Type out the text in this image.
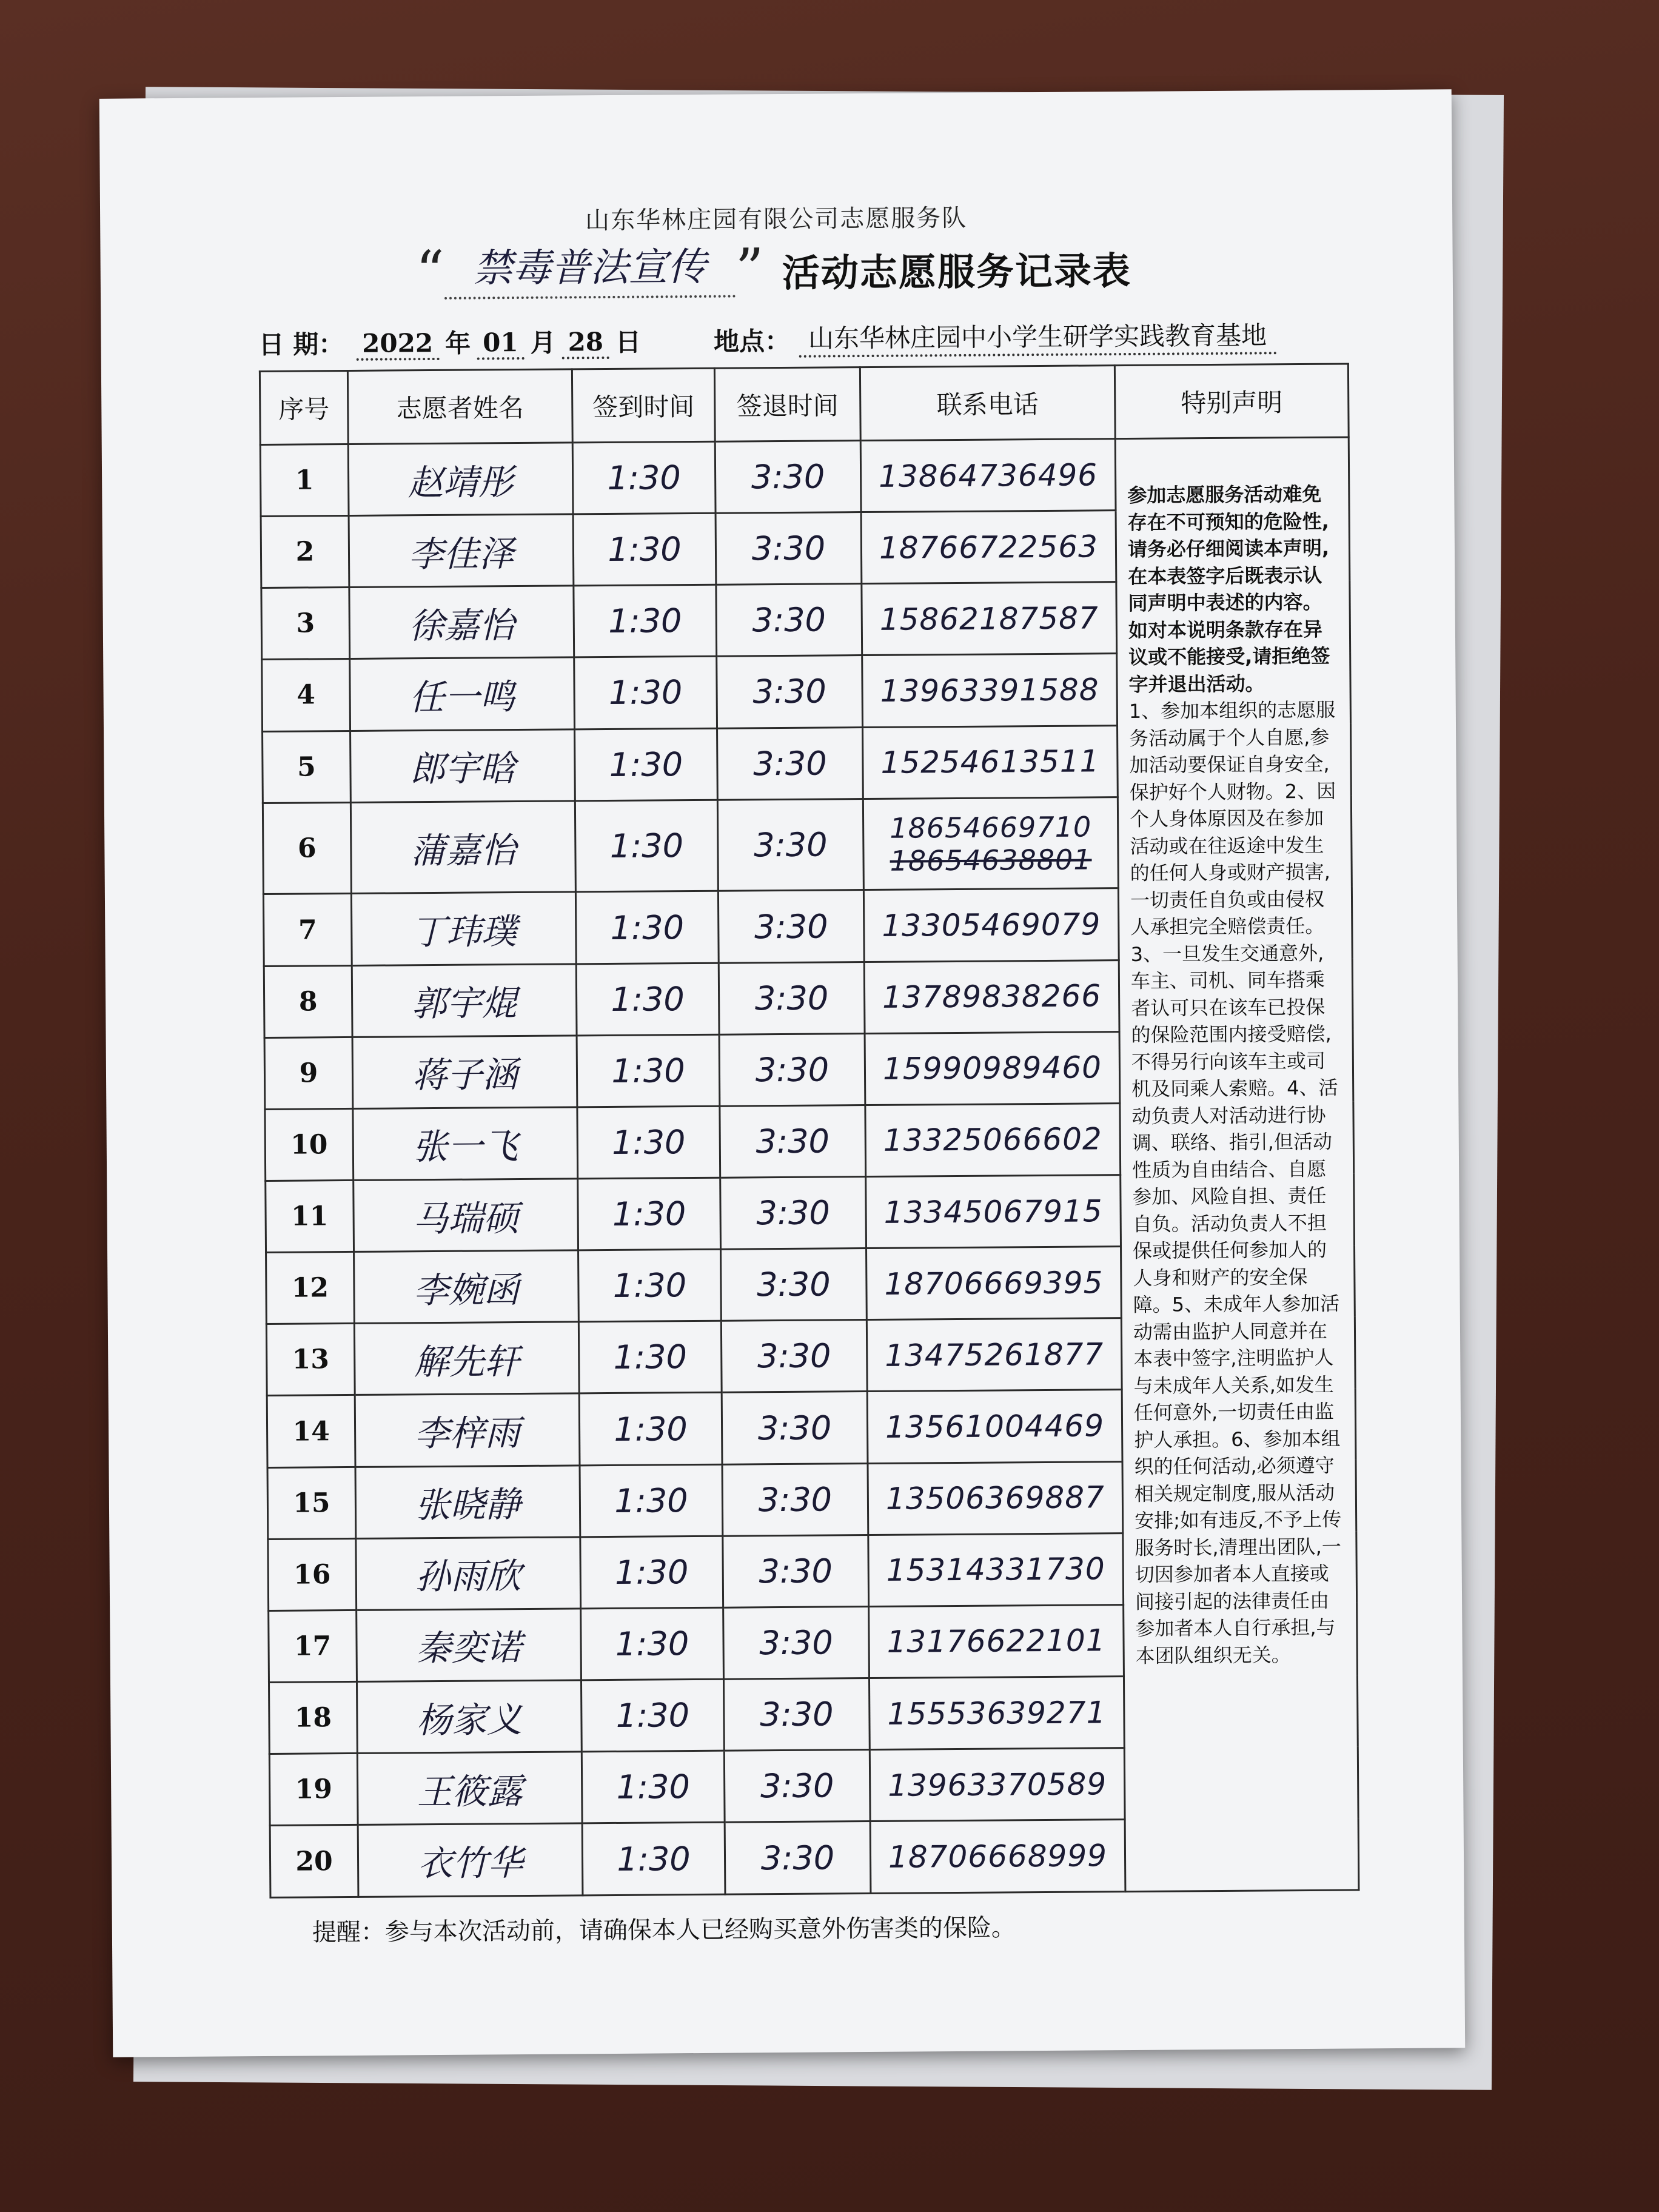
山东华林庄园有限公司志愿服务队
“ 禁毒普法宣传 ” 活动志愿服务记录表
日 期： 2022 年 01 月 28 日	地点： 山东华林庄园中小学生研学实践教育基地
序号	志愿者姓名	签到时间	签退时间	联系电话	特别声明
1	赵靖彤	1:30	3:30	13864736496	参加志愿服务活动难免存在不可预知的危险性,请务必仔细阅读本声明,在本表签字后既表示认同声明中表述的内容。如对本说明条款存在异议或不能接受,请拒绝签字并退出活动。
1、参加本组织的志愿服务活动属于个人自愿,参加活动要保证自身安全,保护好个人财物。2、因个人身体原因及在参加活动或在往返途中发生的任何人身或财产损害,一切责任自负或由侵权人承担完全赔偿责任。3、一旦发生交通意外,车主、司机、同车搭乘者认可只在该车已投保的保险范围内接受赔偿,不得另行向该车主或司机及同乘人索赔。4、活动负责人对活动进行协调、联络、指引,但活动性质为自由结合、自愿参加、风险自担、责任自负。活动负责人不担保或提供任何参加人的人身和财产的安全保障。5、未成年人参加活动需由监护人同意并在本表中签字,注明监护人与未成年人关系,如发生任何意外,一切责任由监护人承担。6、参加本组织的任何活动,必须遵守相关规定制度,服从活动安排;如有违反,不予上传服务时长,清理出团队,一切因参加者本人直接或间接引起的法律责任由参加者本人自行承担,与本团队组织无关。
2	李佳泽	1:30	3:30	18766722563	
3	徐嘉怡	1:30	3:30	15862187587	
4	任一鸣	1:30	3:30	13963391588	
5	郎宇晗	1:30	3:30	15254613511	
6	蒲嘉怡	1:30	3:30	18654669710
18654638801	

7	丁玮璞	1:30	3:30	13305469079	
8	郭宇焜	1:30	3:30	13789838266	
9	蒋子涵	1:30	3:30	15990989460	
10	张一飞	1:30	3:30	13325066602	
11	马瑞硕	1:30	3:30	13345067915	
12	李婉函	1:30	3:30	18706669395	
13	解先轩	1:30	3:30	13475261877	
14	李梓雨	1:30	3:30	13561004469	
15	张晓静	1:30	3:30	13506369887	
16	孙雨欣	1:30	3:30	15314331730	
17	秦奕诺	1:30	3:30	13176622101	
18	杨家义	1:30	3:30	15553639271	
19	王筱露	1:30	3:30	13963370589	
20	衣竹华	1:30	3:30	18706668999	
提醒：参与本次活动前，请确保本人已经购买意外伤害类的保险。
